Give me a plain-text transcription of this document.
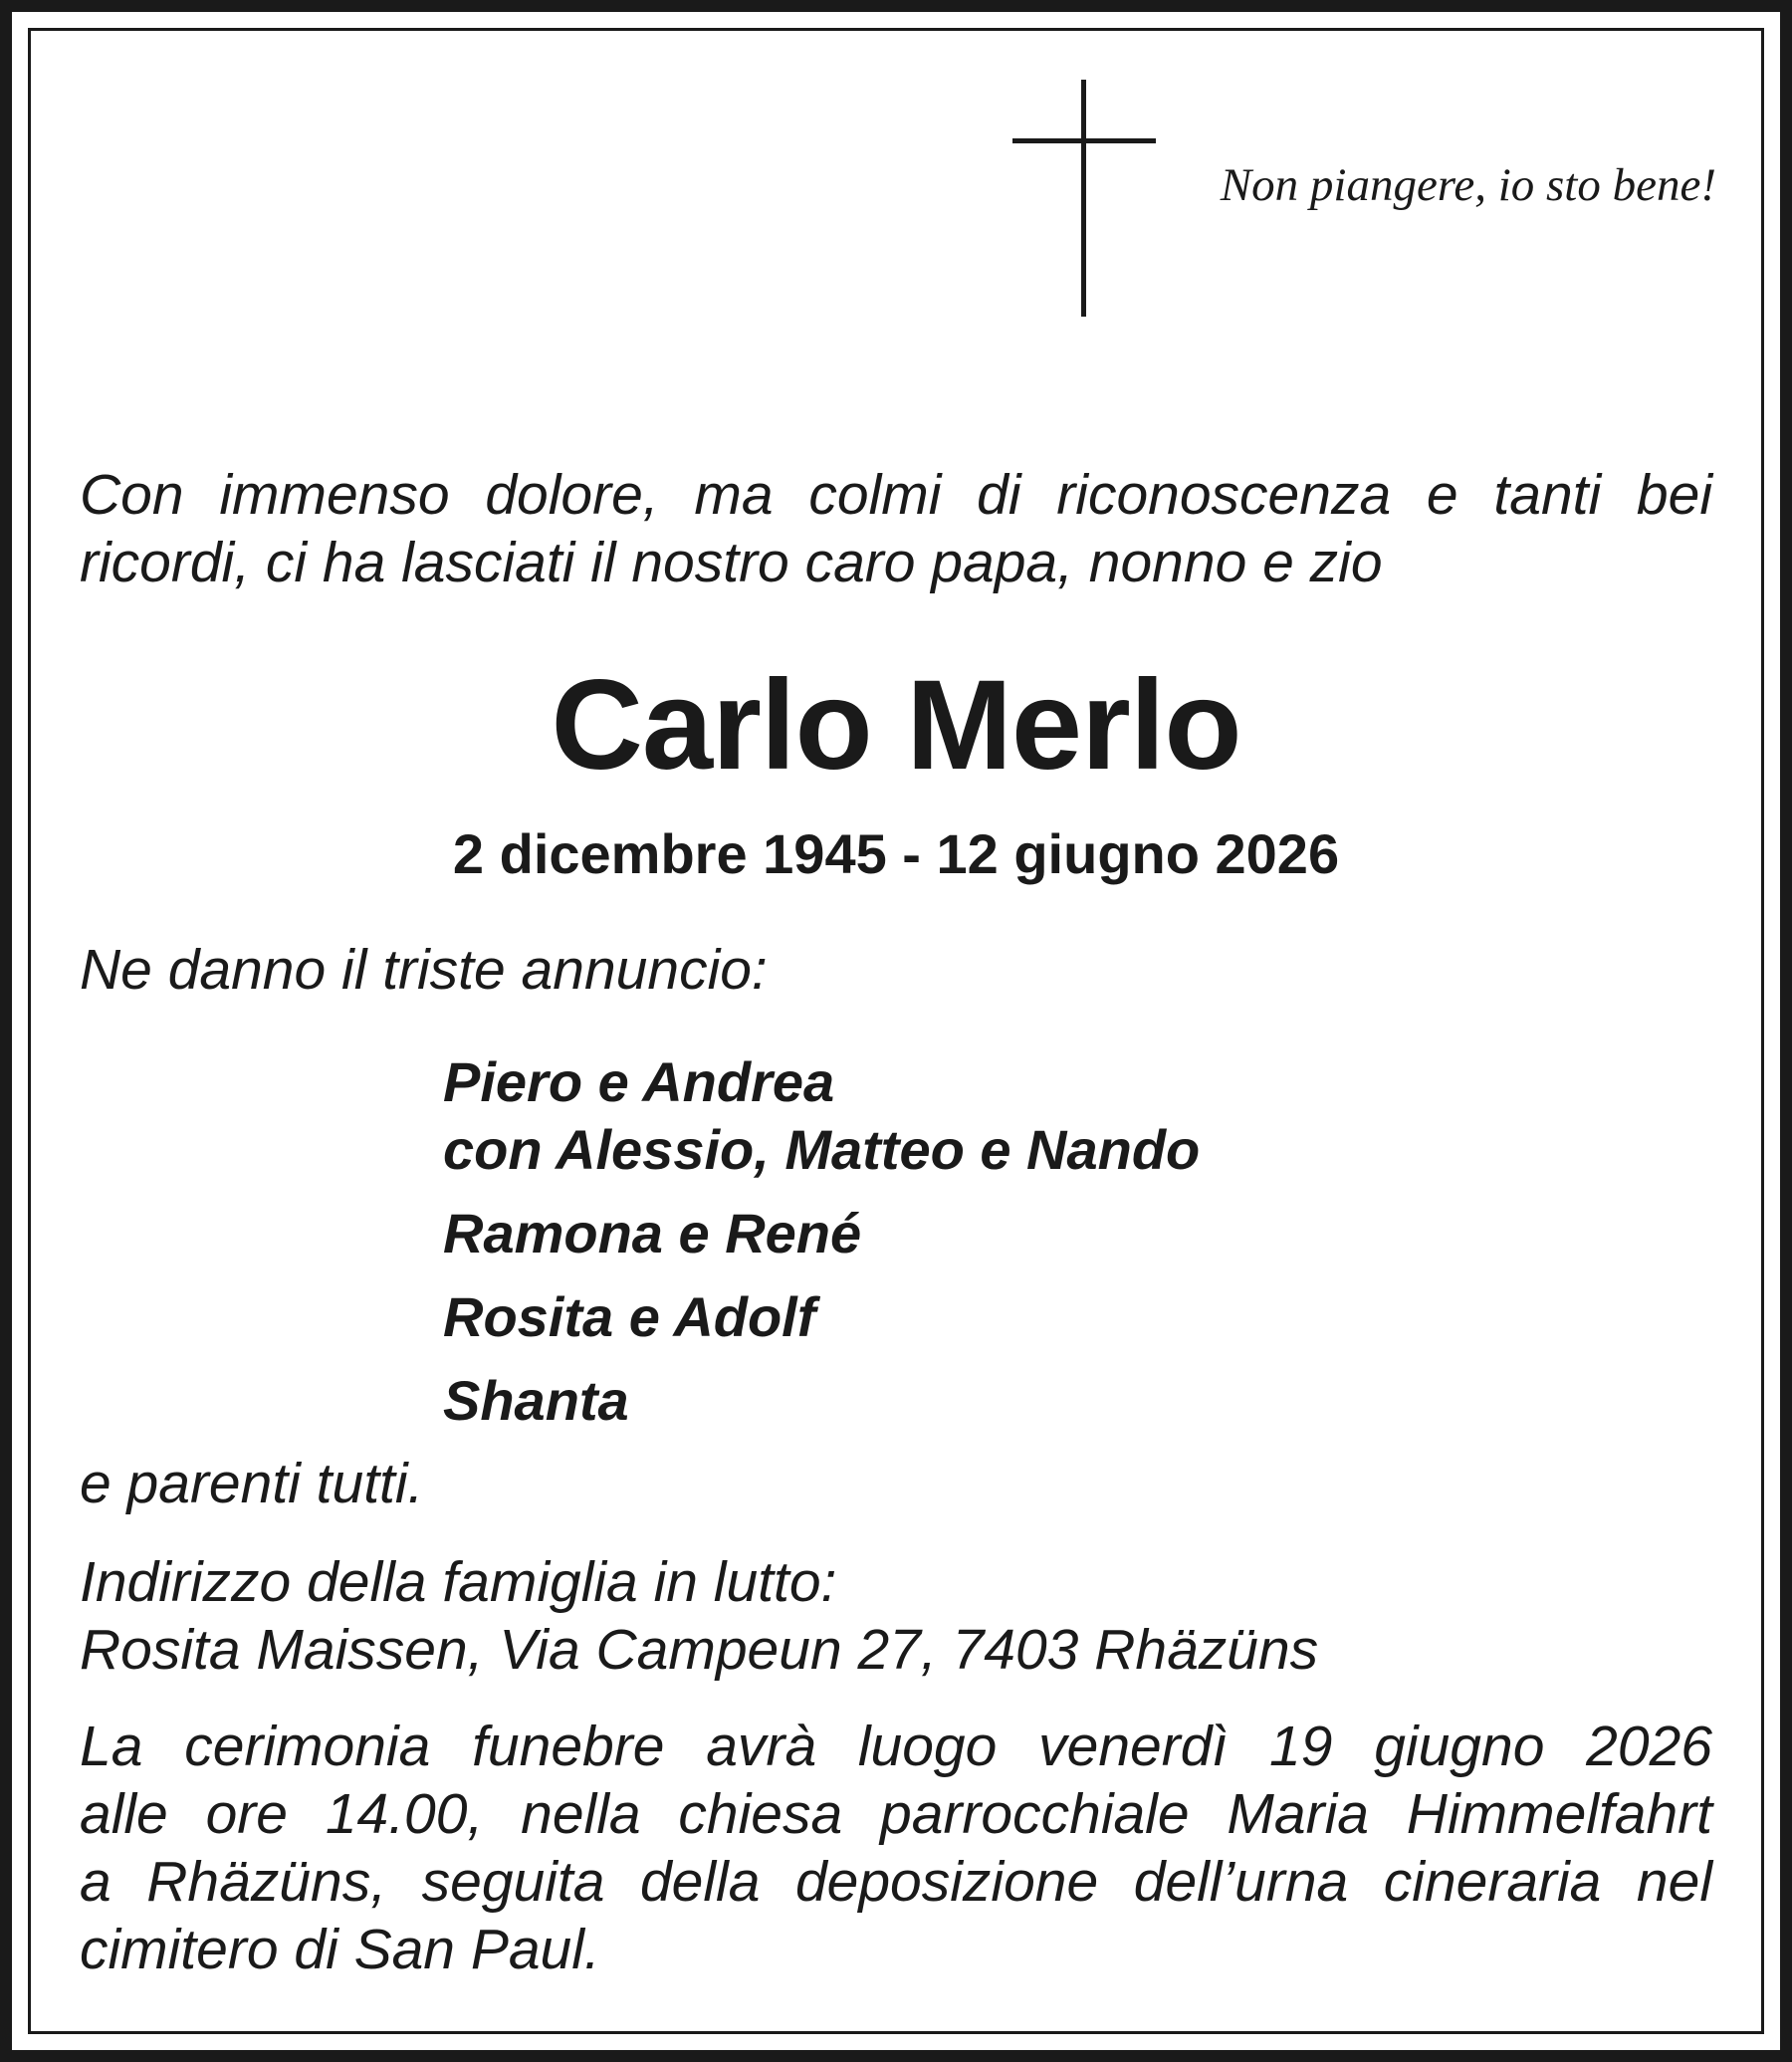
Non piangere, io sto bene!
Con immenso dolore, ma colmi di riconoscenza e tanti bei
ricordi, ci ha lasciati il nostro caro papa, nonno e zio
Carlo Merlo
2 dicembre 1945 - 12 giugno 2026
Ne danno il triste annuncio:
Piero e Andrea
con Alessio, Matteo e Nando
Ramona e René
Rosita e Adolf
Shanta
e parenti tutti.
Indirizzo della famiglia in lutto:
Rosita Maissen, Via Campeun 27, 7403 Rhäzüns
La cerimonia funebre avrà luogo venerdì 19 giugno 2026
alle ore 14.00, nella chiesa parrocchiale Maria Himmelfahrt
a Rhäzüns, seguita della deposizione dell’urna cineraria nel
cimitero di San Paul.
